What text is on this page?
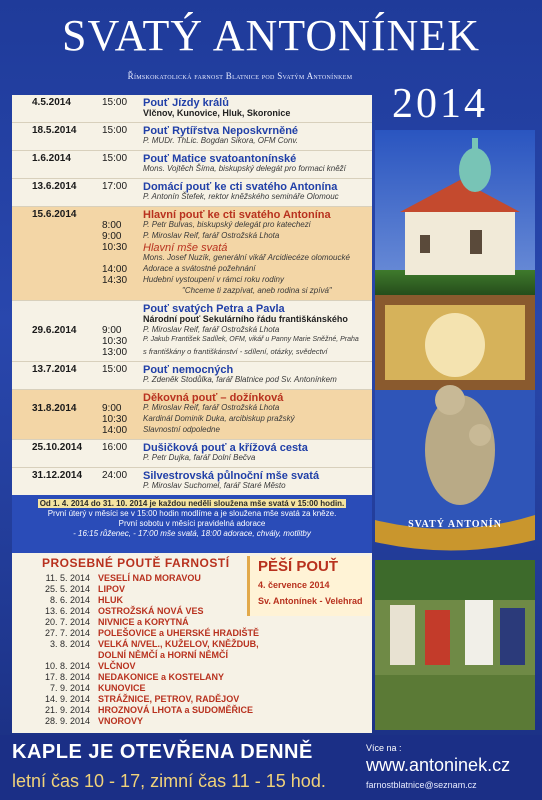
SVATÝ ANTONÍNEK
Římskokatolická farnost Blatnice pod Svatým Antonínkem
2014
4.5.2014	15:00 Pouť Jízdy králů
Vlčnov, Kunovice, Hluk, Skoronice
18.5.2014	15:00 Pouť Rytířstva Neposkvrněné
P. MUDr. ThLic. Bogdan Sikora, OFM Conv.
1.6.2014	15:00 Pouť Matice svatoantonínské
Mons. Vojtěch Šíma, biskupský delegát pro formaci kněží
13.6.2014	17:00 Domácí pouť ke cti svatého Antonína
P. Antonín Štefek, rektor kněžského semináře Olomouc
15.6.2014	Hlavní pouť ke cti svatého Antonína
8:00	P. Petr Bulvas, biskupský delegát pro katechezi
9:00	P. Miroslav Reif, farář Ostrožská Lhota
10:30 Hlavní mše svatá
Mons. Josef Nuzík, generální vikář Arcidiecéze olomoucké
14:00 Adorace a svátostné požehnání
14:30 Hudební vystoupení v rámci roku rodiny
"Chceme ti zazpívat, aneb rodina si zpívá"
Pouť svatých Petra a Pavla
Národní pouť Sekulárního řádu františkánského
29.6.2014	9:00	P. Miroslav Reif, farář Ostrožská Lhota
10:30 P. Jakub František Sadílek, OFM, vikář u Panny Marie Sněžné, Praha
13:00 s františkány o františkánství - sdílení, otázky, svědectví
13.7.2014	15:00 Pouť nemocných
P. Zdeněk Stodůlka, farář Blatnice pod Sv. Antonínkem
Děkovná pouť – dožínková
31.8.2014	9:00	P. Miroslav Reif, farář Ostrožská Lhota
10:30 Kardinál Dominik Duka, arcibiskup pražský
14:00 Slavnostní odpoledne
25.10.2014 16:00 Dušičková pouť a křížová cesta
P. Petr Dujka, farář Dolní Bečva
31.12.2014 24:00 Silvestrovská půlnoční mše svatá
P. Miroslav Suchomel, farář Staré Město
Od 1. 4. 2014 do 31. 10. 2014 je každou neděli sloužena mše svatá v 15:00 hodin.
První úterý v měsíci se v 15:00 hodin modlíme a je sloužena mše svatá za kněze.
První sobotu v měsíci pravidelná adorace
- 16:15 růženec, - 17:00 mše svatá, 18:00 adorace, chvály, motlitby
PROSEBNÉ POUTĚ FARNOSTÍ
11. 5. 2014 VESELÍ NAD MORAVOU
25. 5. 2014 LIPOV
8. 6. 2014 HLUK
13. 6. 2014 OSTROŽSKÁ NOVÁ VES
20. 7. 2014 NIVNICE a KORYTNÁ
27. 7. 2014 POLEŠOVICE a UHERSKÉ HRADIŠTĚ
3. 8. 2014 VELKÁ N/VEL., KUŽELOV, KNĚŽDUB,
DOLNÍ NĚMČÍ a HORNÍ NĚMČÍ
10. 8. 2014 VLČNOV
17. 8. 2014 NEDAKONICE a KOSTELANY
7. 9. 2014 KUNOVICE
14. 9. 2014 STRÁŽNICE, PETROV, RADĚJOV
21. 9. 2014 HROZNOVÁ LHOTA a SUDOMĚŘICE
28. 9. 2014 VNOROVY
PĚŠÍ POUŤ
4. července 2014
Sv. Antonínek - Velehrad
SVATÝ ANTONÍN
KAPLE JE OTEVŘENA DENNĚ
letní čas 10 - 17, zimní čas 11 - 15 hod.
Více na :
www.antoninek.cz
farnostblatnice@seznam.cz
